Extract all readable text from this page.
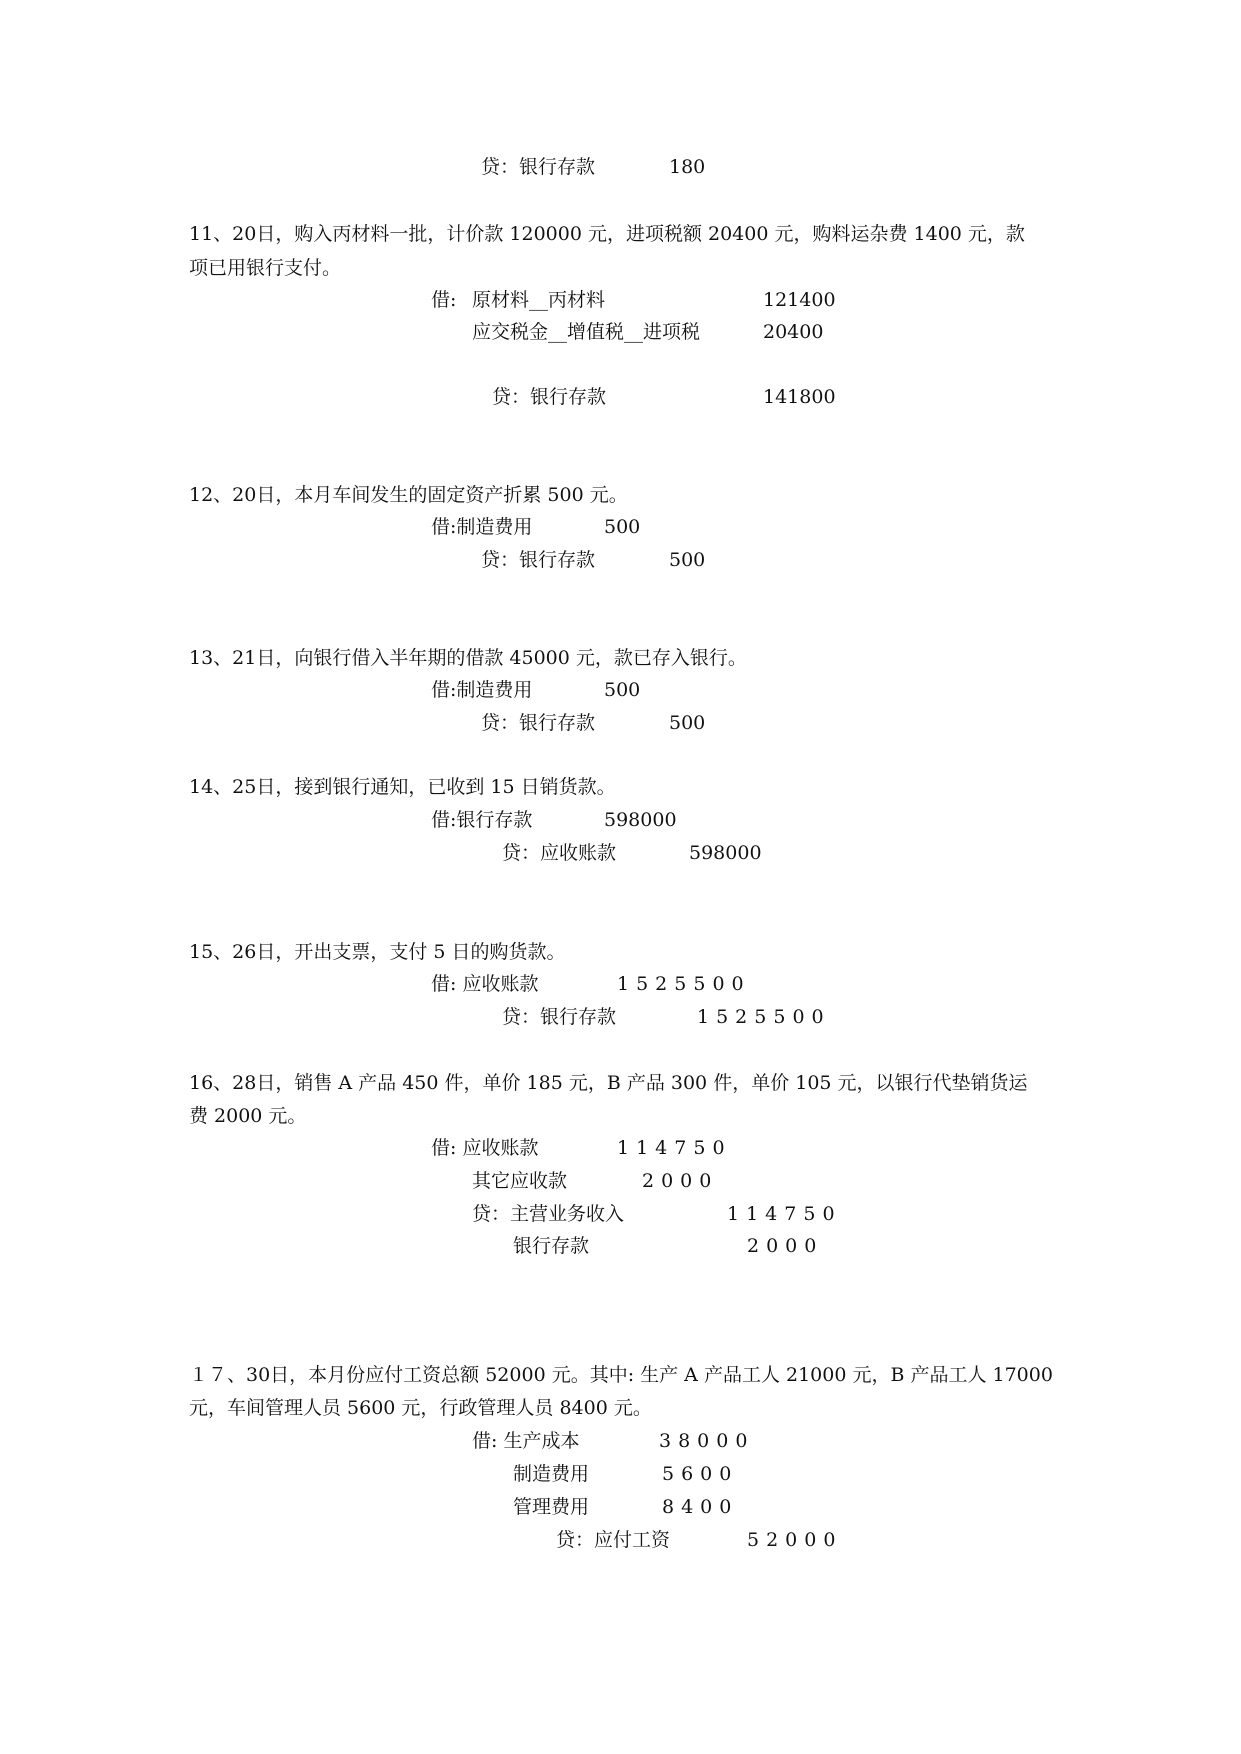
贷：银行存款	180
11、20日，购入丙材料一批，计价款 120000 元，进项税额 20400 元，购料运杂费 1400 元，款
项已用银行支付。
借: 原材料__丙材料	121400
应交税金__增值税__进项税	20400
贷：银行存款	141800
12、20日，本月车间发生的固定资产折累 500 元。
借:制造费用	500
贷：银行存款	500
13、21日，向银行借入半年期的借款 45000 元，款已存入银行。
借:制造费用	500
贷：银行存款	500
14、25日，接到银行通知，已收到 15 日销货款。
借:银行存款	598000
贷：应收账款	598000
15、26日，开出支票，支付 5 日的购货款。
借: 应收账款	1525500
贷：银行存款	1525500
16、28日，销售 A 产品 450 件，单价 185 元，B 产品 300 件，单价 105 元，以银行代垫销货运
费 2000 元。
借: 应收账款	114750
其它应收款	2000
贷：主营业务收入	114750
银行存款	2000
１７、30日，本月份应付工资总额 52000 元。其中: 生产 A 产品工人 21000 元，B 产品工人 17000
元，车间管理人员 5600 元，行政管理人员 8400 元。
借: 生产成本	38000
制造费用	5600
管理费用	8400
贷：应付工资	52000
